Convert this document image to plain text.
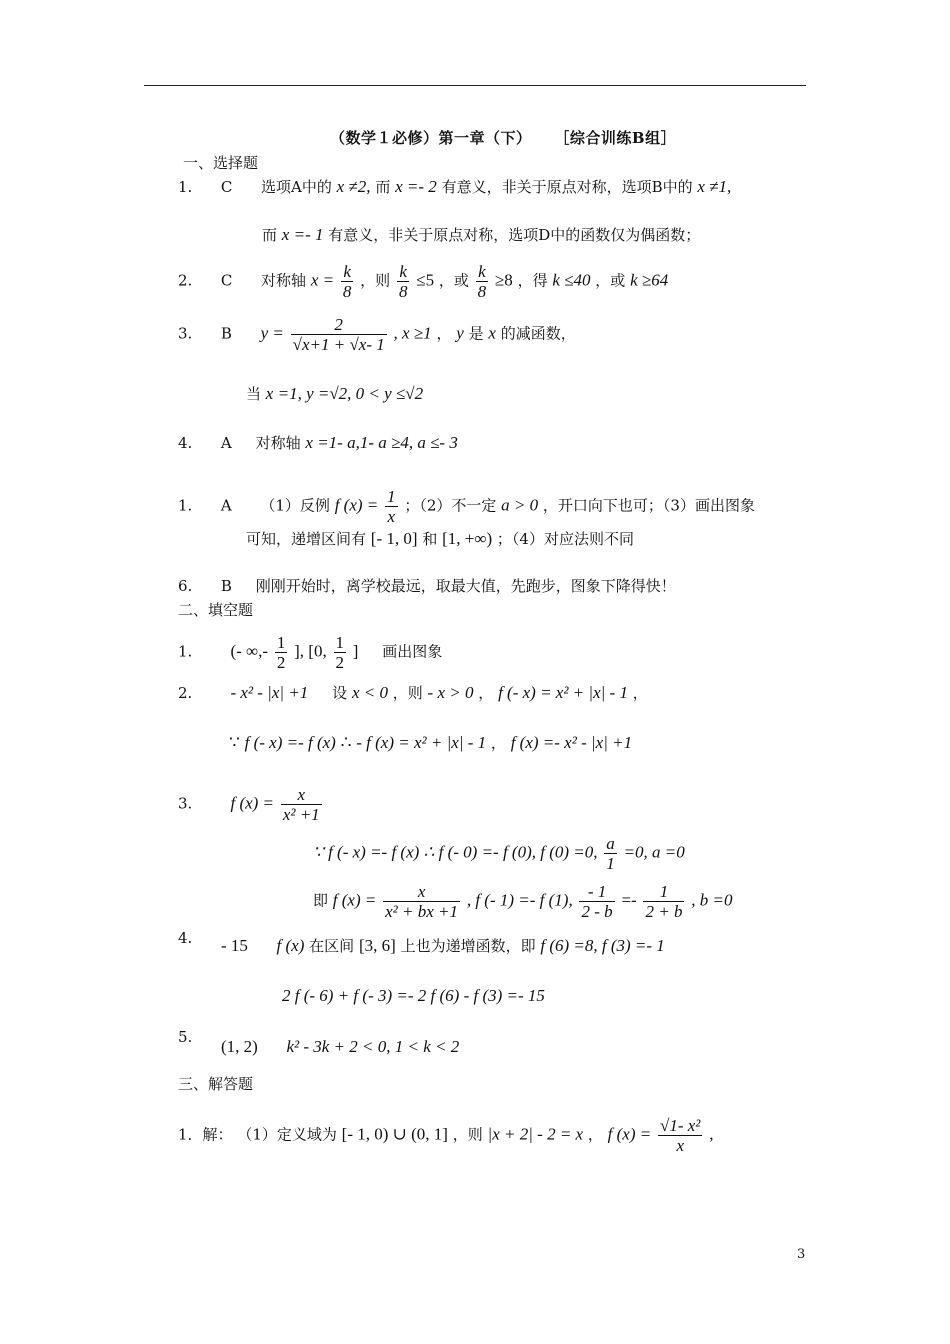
（数学１必修）第一章（下） ［综合训练B组］
一、选择题
1. C 选项A中的 x ≠2, 而 x =- 2 有意义，非关于原点对称，选项B中的 x ≠1,
而 x =- 1 有意义，非关于原点对称，选项D中的函数仅为偶函数；
2. C 对称轴 $x = \frac{k}{8}$ ，则 $\frac{k}{8} \le 5$ ，或 $\frac{k}{8} \ge 8$ ，得 k ≤40 ，或 k ≥64
3. B $y = \frac{2}{√x+1 + √x- 1}$ , x ≥1 ， y 是 x 的减函数，
当 x =1, y =√2, 0 < y ≤√2
4. A 对称轴 x =1- a,1- a ≥4, a ≤- 3
1. A （1）反例 f $(x) = \frac{1}{x}$ ；（2）不一定 a > 0 ，开口向下也可；（3）画出图象
可知，递增区间有 [- 1, 0] 和 [1, +∞) ；（4）对应法则不同
6. B 刚刚开始时，离学校最远，取最大值，先跑步，图象下降得快！
二、填空题
1. (- ∞,- $\frac{1}{2}$ ], [0, $\frac{1}{2}$ ] 画出图象
2. - x² - |x| +1 设 x < 0 ，则 - x > 0 ， f (- x) = x² + |x| - 1 ，
∵ f (- x) =- f (x) ∴ - f (x) = x² + |x| - 1 ， f (x) =- x² - |x| +1
3. f $(x) = \frac{x}{\text{x² +1}}$
∵ f (- x) =- f (x) ∴ f (- 0) =- f (0), f (0) =0, $\frac{a}{1} =0$, a =0
即 f $(x) = \frac{x}{\text{x² + bx +1}}$ , f (- 1) =- f (1), $\frac{- 1}{2 - b} =- \frac{1}{2 + b}$ , b =0
4. - 15 f (x) 在区间 [3, 6] 上也为递增函数，即 f (6) =8, f (3) =- 1
2 f (- 6) + f (- 3) =- 2 f (6) - f (3) =- 15
5. (1, 2) k² - 3k + 2 < 0, 1 < k < 2
三、解答题
1．解： （1）定义域为 [- 1, 0) ∪ (0, 1] ，则 |x + 2| - 2 = x ， f $(x) = \frac{\text{√1- x²}}{x}$ ,
3
